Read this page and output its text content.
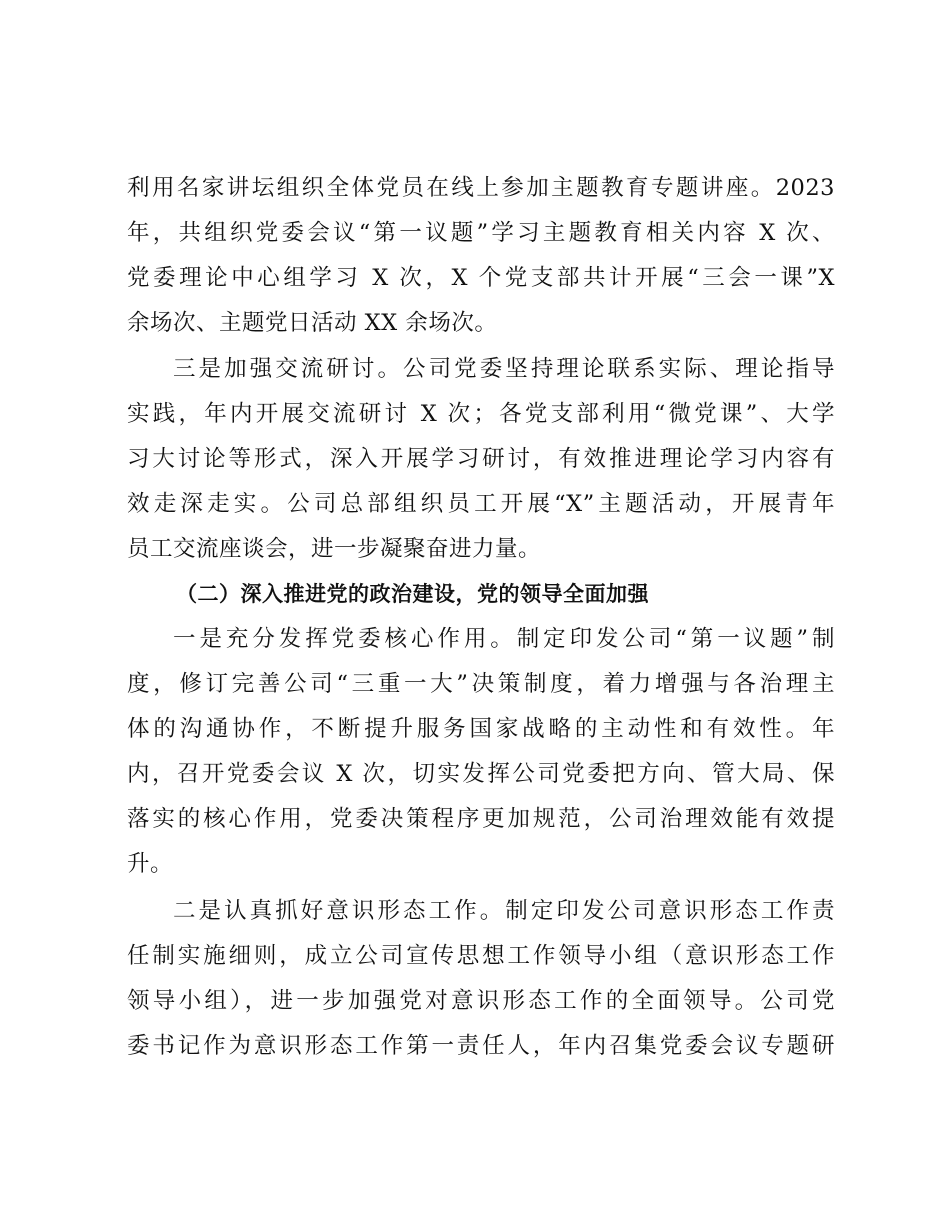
利用名家讲坛组织全体党员在线上参加主题教育专题讲座。2023
年，共组织党委会议“第一议题”学习主题教育相关内容 X 次、
党委理论中心组学习 X 次，X 个党支部共计开展“三会一课”X
余场次、主题党日活动 XX 余场次。
三是加强交流研讨。公司党委坚持理论联系实际、理论指导
实践，年内开展交流研讨 X 次；各党支部利用“微党课”、大学
习大讨论等形式，深入开展学习研讨，有效推进理论学习内容有
效走深走实。公司总部组织员工开展“X”主题活动，开展青年
员工交流座谈会，进一步凝聚奋进力量。
（二）深入推进党的政治建设，党的领导全面加强
一是充分发挥党委核心作用。制定印发公司“第一议题”制
度，修订完善公司“三重一大”决策制度，着力增强与各治理主
体的沟通协作，不断提升服务国家战略的主动性和有效性。年
内，召开党委会议 X 次，切实发挥公司党委把方向、管大局、保
落实的核心作用，党委决策程序更加规范，公司治理效能有效提
升。
二是认真抓好意识形态工作。制定印发公司意识形态工作责
任制实施细则，成立公司宣传思想工作领导小组（意识形态工作
领导小组），进一步加强党对意识形态工作的全面领导。公司党
委书记作为意识形态工作第一责任人，年内召集党委会议专题研
